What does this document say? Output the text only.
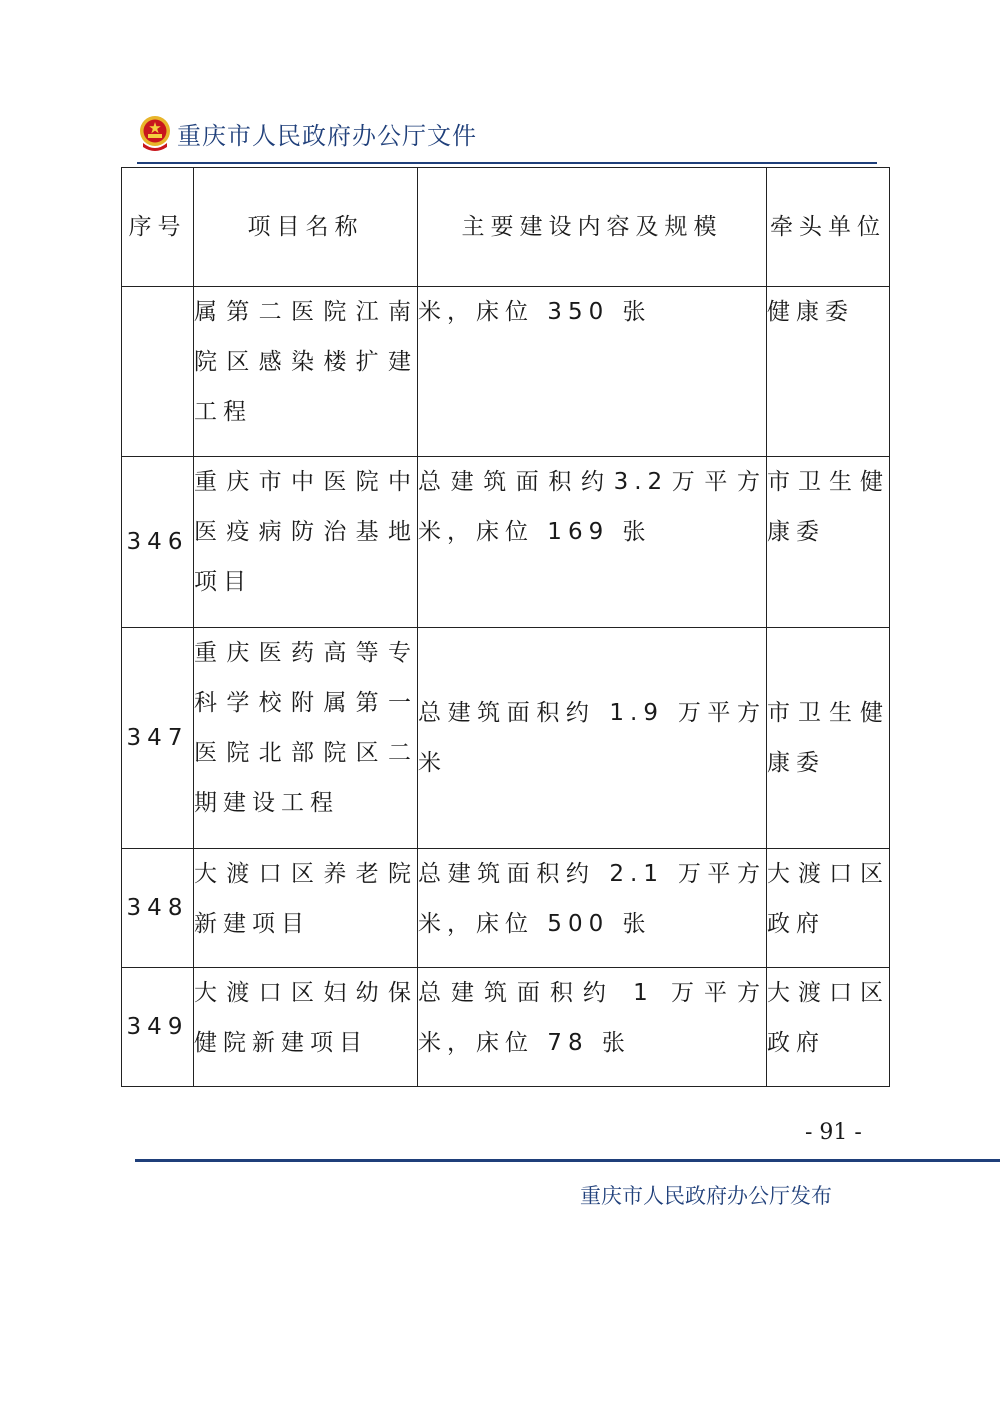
重庆市人民政府办公厅文件
序号	项目名称	主要建设内容及规模	牵头单位
	属第二医院江南院区感染楼扩建工程	米，床位 350 张	健康委
346	重庆市中医院中医疫病防治基地项目	总建筑面积约3.2万平方米，床位 169 张	市卫生健康委
347	重庆医药高等专科学校附属第一医院北部院区二期建设工程	总建筑面积约 1.9 万平方米	市卫生健康委
348	大渡口区养老院新建项目	总建筑面积约 2.1 万平方米，床位 500 张	大渡口区政府
349	大渡口区妇幼保健院新建项目	总建筑面积约 1 万平方米，床位 78 张	大渡口区政府
- 91 -
重庆市人民政府办公厅发布
